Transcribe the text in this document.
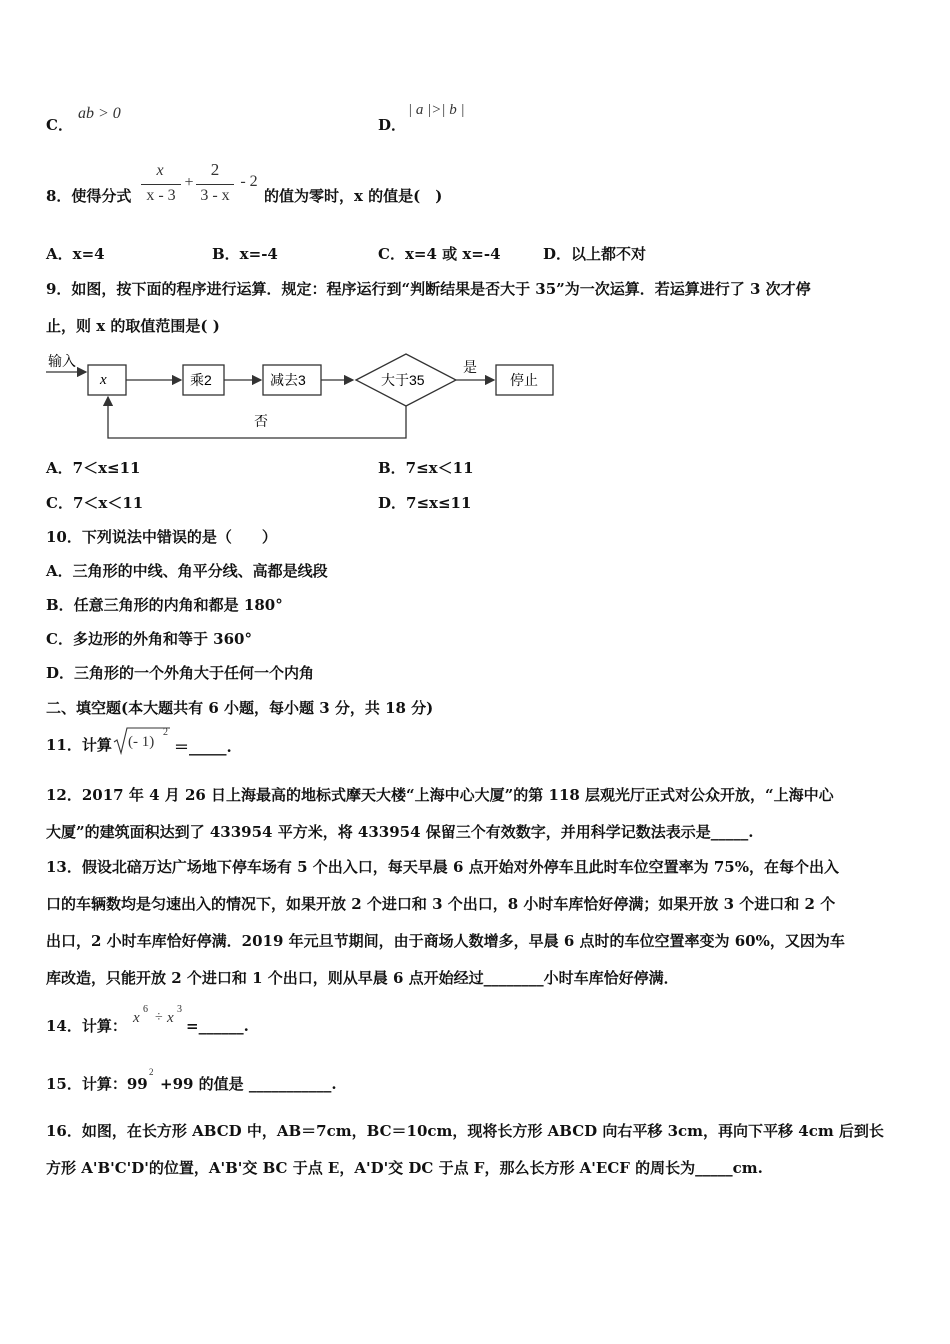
C．
ab > 0
D．
| a |>| b |
8．使得分式
x
x - 3
+
2
3 - x
- 2
的值为零时，x 的值是(　)
A．x=4	B．x=-4	C．x=4 或 x=-4	D．以上都不对
9．如图，按下面的程序进行运算．规定：程序运行到“判断结果是否大于 35”为一次运算．若运算进行了 3 次才停
止，则 x 的取值范围是( )
输入
x	乘2	减去3	大于35
是
停止
否
A．7＜x≤11	B．7≤x＜11
C．7＜x＜11	D．7≤x≤11
10．下列说法中错误的是（　　）
A．三角形的中线、角平分线、高都是线段
B．任意三角形的内角和都是 180°
C．多边形的外角和等于 360°
D．三角形的一个外角大于任何一个内角
二、填空题(本大题共有 6 小题，每小题 3 分，共 18 分)
11．计算 (- 1)
2
＝_____.
12．2017 年 4 月 26 日上海最高的地标式摩天大楼“上海中心大厦”的第 118 层观光厅正式对公众开放，“上海中心
大厦”的建筑面积达到了 433954 平方米，将 433954 保留三个有效数字，并用科学记数法表示是_____.
13．假设北碚万达广场地下停车场有 5 个出入口，每天早晨 6 点开始对外停车且此时车位空置率为 75%，在每个出入
口的车辆数均是匀速出入的情况下，如果开放 2 个进口和 3 个出口，8 小时车库恰好停满；如果开放 3 个进口和 2 个
出口，2 小时车库恰好停满．2019 年元旦节期间，由于商场人数增多，早晨 6 点时的车位空置率变为 60%，又因为车
库改造，只能开放 2 个进口和 1 个出口，则从早晨 6 点开始经过________小时车库恰好停满．
14．计算： x
6
÷ x
3
=______.
15．计算：99
2
+99 的值是 ___________.
16．如图，在长方形 ABCD 中，AB＝7cm，BC＝10cm，现将长方形 ABCD 向右平移 3cm，再向下平移 4cm 后到长
方形 A'B'C'D'的位置，A'B'交 BC 于点 E，A'D'交 DC 于点 F，那么长方形 A'ECF 的周长为_____cm.
